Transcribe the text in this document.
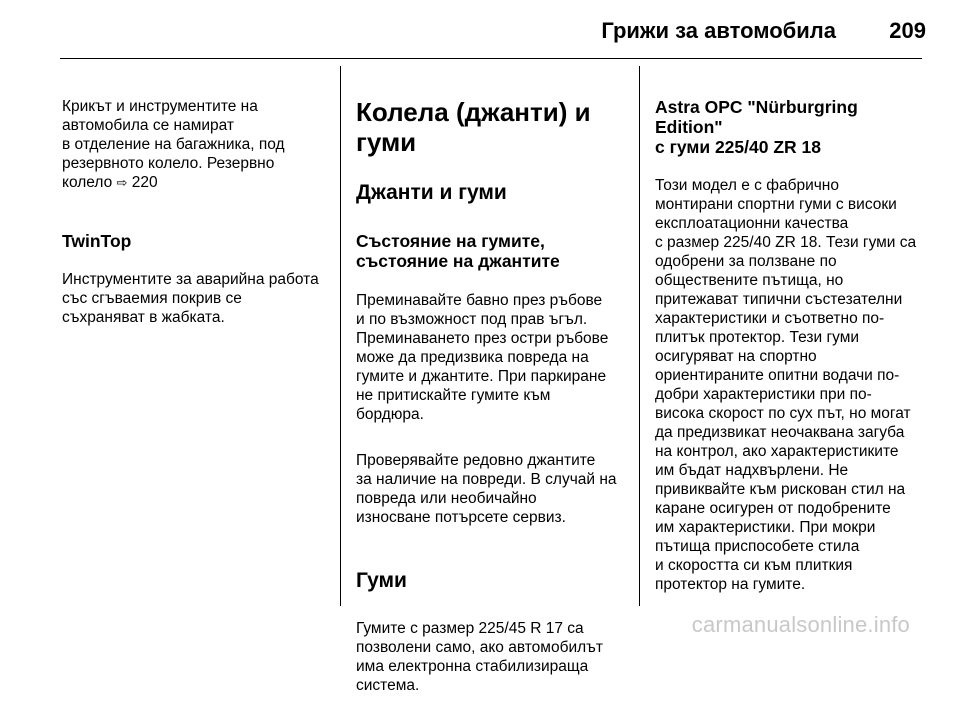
Грижи за автомобила 209

Крикът и инструментите на
автомобила се намират
в отделение на багажника, под
резервното колело. Резервно
колело ⇨ 220

TwinTop

Инструментите за аварийна работа
със сгъваемия покрив се
съхраняват в жабката.

Колела (джанти) и гуми

Джанти и гуми

Състояние на гумите,
състояние на джантите

Преминавайте бавно през ръбове
и по възможност под прав ъгъл.
Преминаването през остри ръбове
може да предизвика повреда на
гумите и джантите. При паркиране
не притискайте гумите към
бордюра.

Проверявайте редовно джантите
за наличие на повреди. В случай на
повреда или необичайно
износване потърсете сервиз.

Гуми

Гумите с размер 225/45 R 17 са
позволени само, ако автомобилът
има електронна стабилизираща
система.

Astra OPC "Nürburgring Edition"
с гуми 225/40 ZR 18

Този модел е с фабрично
монтирани спортни гуми с високи
експлоатационни качества
с размер 225/40 ZR 18. Тези гуми са
одобрени за ползване по
обществените пътища, но
притежават типични състезателни
характеристики и съответно по-
плитък протектор. Тези гуми
осигуряват на спортно
ориентираните опитни водачи по-
добри характеристики при по-
висока скорост по сух път, но могат
да предизвикат неочаквана загуба
на контрол, ако характеристиките
им бъдат надхвърлени. Не
привиквайте към рискован стил на
каране осигурен от подобрените
им характеристики. При мокри
пътища приспособете стила
и скоростта си към плиткия
протектор на гумите.

carmanualsonline.info
